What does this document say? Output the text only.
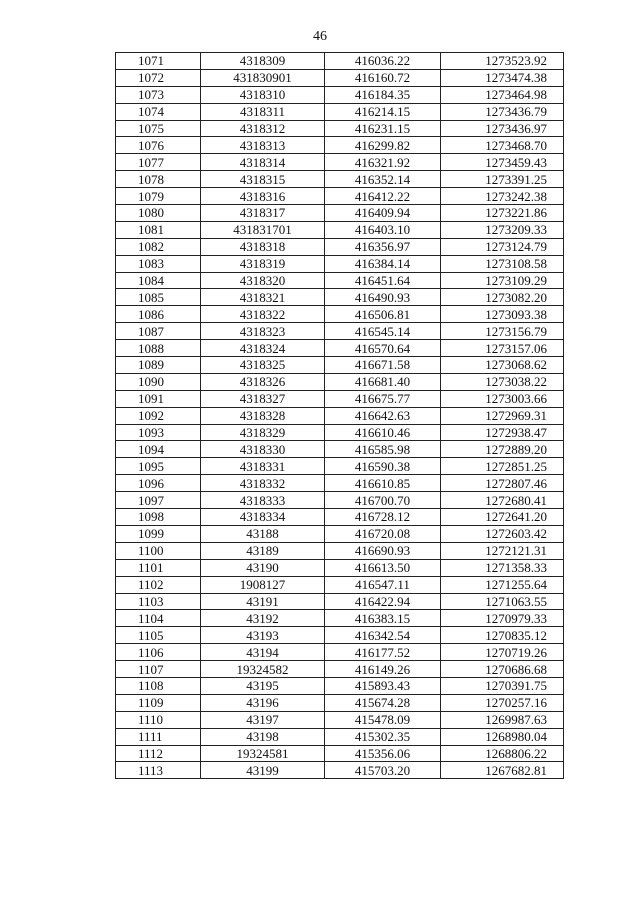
46
1071	4318309	416036.22	1273523.92
1072	431830901	416160.72	1273474.38
1073	4318310	416184.35	1273464.98
1074	4318311	416214.15	1273436.79
1075	4318312	416231.15	1273436.97
1076	4318313	416299.82	1273468.70
1077	4318314	416321.92	1273459.43
1078	4318315	416352.14	1273391.25
1079	4318316	416412.22	1273242.38
1080	4318317	416409.94	1273221.86
1081	431831701	416403.10	1273209.33
1082	4318318	416356.97	1273124.79
1083	4318319	416384.14	1273108.58
1084	4318320	416451.64	1273109.29
1085	4318321	416490.93	1273082.20
1086	4318322	416506.81	1273093.38
1087	4318323	416545.14	1273156.79
1088	4318324	416570.64	1273157.06
1089	4318325	416671.58	1273068.62
1090	4318326	416681.40	1273038.22
1091	4318327	416675.77	1273003.66
1092	4318328	416642.63	1272969.31
1093	4318329	416610.46	1272938.47
1094	4318330	416585.98	1272889.20
1095	4318331	416590.38	1272851.25
1096	4318332	416610.85	1272807.46
1097	4318333	416700.70	1272680.41
1098	4318334	416728.12	1272641.20
1099	43188	416720.08	1272603.42
1100	43189	416690.93	1272121.31
1101	43190	416613.50	1271358.33
1102	1908127	416547.11	1271255.64
1103	43191	416422.94	1271063.55
1104	43192	416383.15	1270979.33
1105	43193	416342.54	1270835.12
1106	43194	416177.52	1270719.26
1107	19324582	416149.26	1270686.68
1108	43195	415893.43	1270391.75
1109	43196	415674.28	1270257.16
1110	43197	415478.09	1269987.63
1111	43198	415302.35	1268980.04
1112	19324581	415356.06	1268806.22
1113	43199	415703.20	1267682.81
